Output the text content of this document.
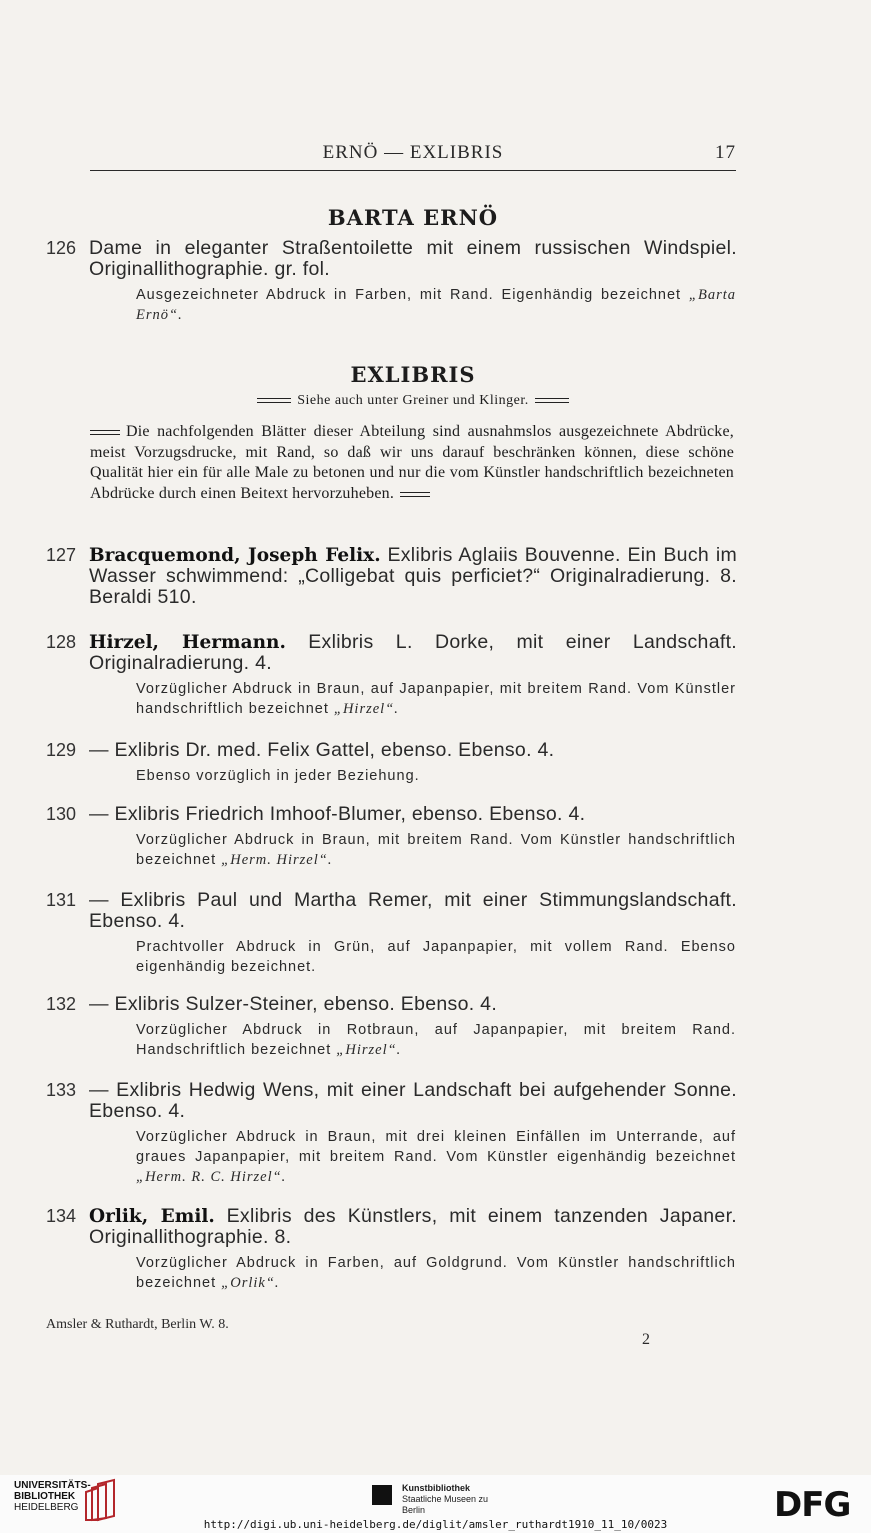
ERNÖ — EXLIBRIS	17
BARTA ERNÖ
126 Dame in eleganter Straßentoilette mit einem russischen Windspiel. Originallithographie. gr. fol.
Ausgezeichneter Abdruck in Farben, mit Rand. Eigenhändig bezeichnet „Barta Ernö“.
EXLIBRIS
Siehe auch unter Greiner und Klinger.
Die nachfolgenden Blätter dieser Abteilung sind ausnahmslos ausgezeichnete Abdrücke, meist Vorzugsdrucke, mit Rand, so daß wir uns darauf beschränken können, diese schöne Qualität hier ein für alle Male zu betonen und nur die vom Künstler handschriftlich bezeichneten Abdrücke durch einen Beitext hervorzuheben.
127 Bracquemond, Joseph Felix. Exlibris Aglaiis Bouvenne. Ein Buch im Wasser schwimmend: „Colligebat quis perficiet?“ Originalradierung. 8. Beraldi 510.
128 Hirzel, Hermann. Exlibris L. Dorke, mit einer Landschaft. Originalradierung. 4.
Vorzüglicher Abdruck in Braun, auf Japanpapier, mit breitem Rand. Vom Künstler handschriftlich bezeichnet „Hirzel“.
129 — Exlibris Dr. med. Felix Gattel, ebenso. Ebenso. 4.
Ebenso vorzüglich in jeder Beziehung.
130 — Exlibris Friedrich Imhoof-Blumer, ebenso. Ebenso. 4.
Vorzüglicher Abdruck in Braun, mit breitem Rand. Vom Künstler handschriftlich bezeichnet „Herm. Hirzel“.
131 — Exlibris Paul und Martha Remer, mit einer Stimmungslandschaft. Ebenso. 4.
Prachtvoller Abdruck in Grün, auf Japanpapier, mit vollem Rand. Ebenso eigenhändig bezeichnet.
132 — Exlibris Sulzer-Steiner, ebenso. Ebenso. 4.
Vorzüglicher Abdruck in Rotbraun, auf Japanpapier, mit breitem Rand. Handschriftlich bezeichnet „Hirzel“.
133 — Exlibris Hedwig Wens, mit einer Landschaft bei aufgehender Sonne. Ebenso. 4.
Vorzüglicher Abdruck in Braun, mit drei kleinen Einfällen im Unterrande, auf graues Japanpapier, mit breitem Rand. Vom Künstler eigenhändig bezeichnet „Herm. R. C. Hirzel“.
134 Orlik, Emil. Exlibris des Künstlers, mit einem tanzenden Japaner. Originallithographie. 8.
Vorzüglicher Abdruck in Farben, auf Goldgrund. Vom Künstler handschriftlich bezeichnet „Orlik“.
Amsler & Ruthardt, Berlin W. 8.
2
UNIVERSITÄTS-
BIBLIOTHEK
HEIDELBERG
Kunstbibliothek
Staatliche Museen zu Berlin	DFG
http://digi.ub.uni-heidelberg.de/diglit/amsler_ruthardt1910_11_10/0023
